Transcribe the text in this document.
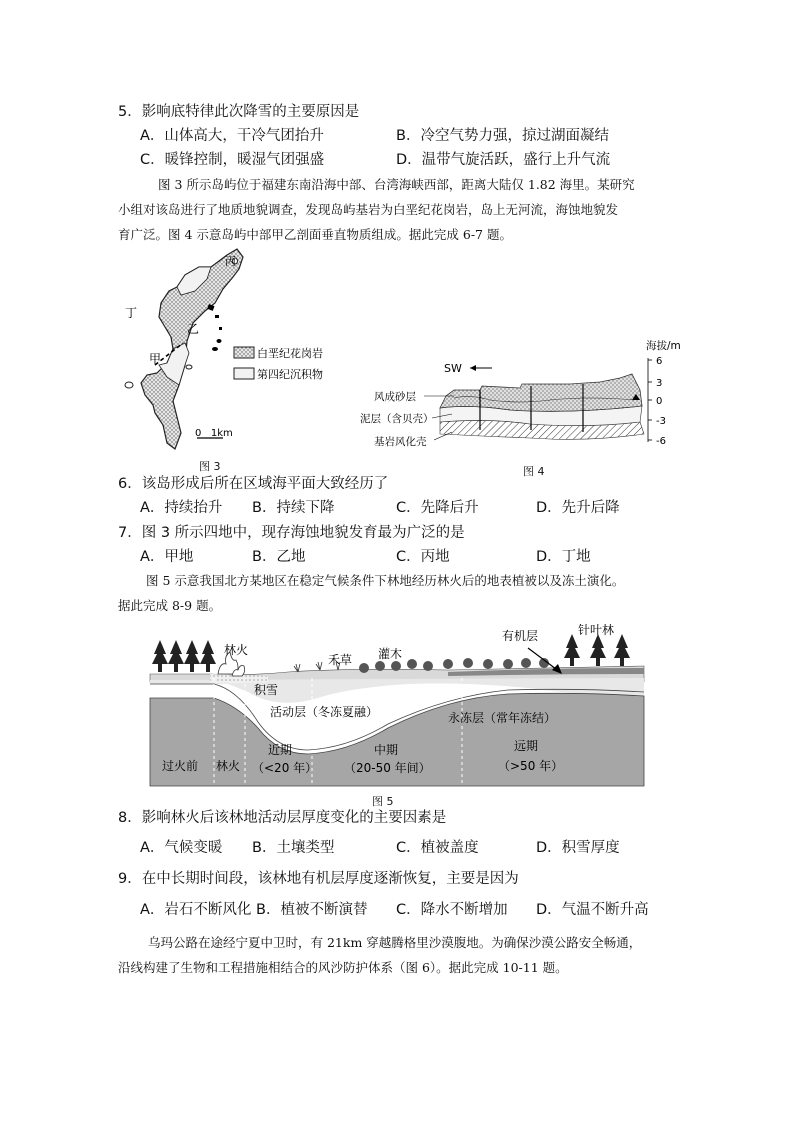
5．影响底特律此次降雪的主要原因是
A．山体高大，干冷气团抬升	B．冷空气势力强，掠过湖面凝结
C．暖锋控制，暖湿气团强盛	D．温带气旋活跃，盛行上升气流
图 3 所示岛屿位于福建东南沿海中部、台湾海峡西部，距离大陆仅 1.82 海里。某研究
小组对该岛进行了地质地貌调查，发现岛屿基岩为白垩纪花岗岩，岛上无河流，海蚀地貌发
育广泛。图 4 示意岛屿中部甲乙剖面垂直物质组成。据此完成 6-7 题。
丙
丁
乙
甲	白垩纪花岗岩
第四纪沉积物
0   1km
图 3
SW
海拔/m
6
3
0
-3
-6
风成砂层
泥层（含贝壳）
基岩风化壳
图 4
6．该岛形成后所在区域海平面大致经历了
A．持续抬升 B．持续下降	C．先降后升	D．先升后降
7．图 3 所示四地中，现存海蚀地貌发育最为广泛的是
A．甲地	B．乙地	C．丙地	D．丁地
图 5 示意我国北方某地区在稳定气候条件下林地经历林火后的地表植被以及冻土演化。
据此完成 8-9 题。
林火
禾草 灌木
有机层	针叶林
积雪
活动层（冬冻夏融）	永冻层（常年冻结）
过火前 林火
近期
（<20 年）
中期
（20-50 年间）
远期
（>50 年）
图 5
8．影响林火后该林地活动层厚度变化的主要因素是
A．气候变暖 B．土壤类型	C．植被盖度	D．积雪厚度
9．在中长期时间段，该林地有机层厚度逐渐恢复，主要是因为
A．岩石不断风化 B．植被不断演替 C．降水不断增加 D．气温不断升高
乌玛公路在途经宁夏中卫时，有 21km 穿越腾格里沙漠腹地。为确保沙漠公路安全畅通，
沿线构建了生物和工程措施相结合的风沙防护体系（图 6）。据此完成 10-11 题。
